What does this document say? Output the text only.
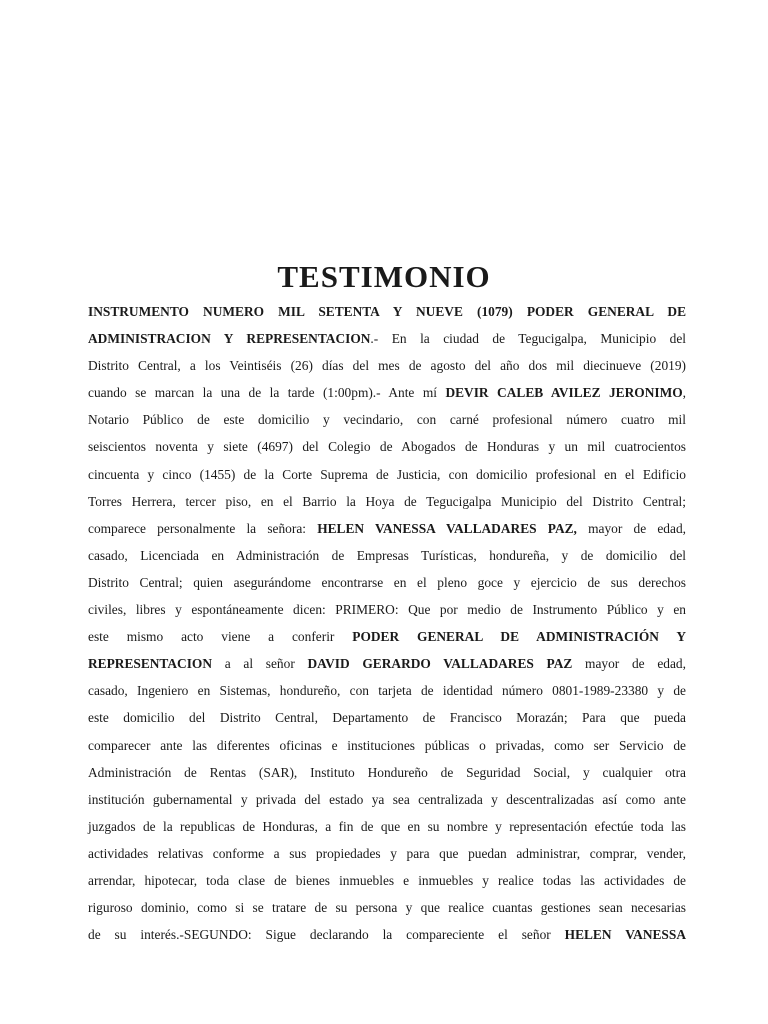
TESTIMONIO
INSTRUMENTO NUMERO MIL SETENTA Y NUEVE (1079) PODER GENERAL DE
ADMINISTRACION Y REPRESENTACION.- En la ciudad de Tegucigalpa, Municipio del
Distrito Central, a los Veintiséis (26) días del mes de agosto del año dos mil diecinueve (2019)
cuando se marcan la una de la tarde (1:00pm).- Ante mí DEVIR CALEB AVILEZ JERONIMO,
Notario Público de este domicilio y vecindario, con carné profesional número cuatro mil
seiscientos noventa y siete (4697) del Colegio de Abogados de Honduras y un mil cuatrocientos
cincuenta y cinco (1455) de la Corte Suprema de Justicia, con domicilio profesional en el Edificio
Torres Herrera, tercer piso, en el Barrio la Hoya de Tegucigalpa Municipio del Distrito Central;
comparece personalmente la señora: HELEN VANESSA VALLADARES PAZ, mayor de edad,
casado, Licenciada en Administración de Empresas Turísticas, hondureña, y de domicilio del
Distrito Central; quien asegurándome encontrarse en el pleno goce y ejercicio de sus derechos
civiles, libres y espontáneamente dicen: PRIMERO: Que por medio de Instrumento Público y en
este mismo acto viene a conferir PODER GENERAL DE ADMINISTRACIÓN Y
REPRESENTACION a al señor DAVID GERARDO VALLADARES PAZ mayor de edad,
casado, Ingeniero en Sistemas, hondureño, con tarjeta de identidad número 0801-1989-23380 y de
este domicilio del Distrito Central, Departamento de Francisco Morazán; Para que pueda
comparecer ante las diferentes oficinas e instituciones públicas o privadas, como ser Servicio de
Administración de Rentas (SAR), Instituto Hondureño de Seguridad Social, y cualquier otra
institución gubernamental y privada del estado ya sea centralizada y descentralizadas así como ante
juzgados de la republicas de Honduras, a fin de que en su nombre y representación efectúe toda las
actividades relativas conforme a sus propiedades y para que puedan administrar, comprar, vender,
arrendar, hipotecar, toda clase de bienes inmuebles e inmuebles y realice todas las actividades de
riguroso dominio, como si se tratare de su persona y que realice cuantas gestiones sean necesarias
de su interés.-SEGUNDO: Sigue declarando la compareciente el señor HELEN VANESSA
